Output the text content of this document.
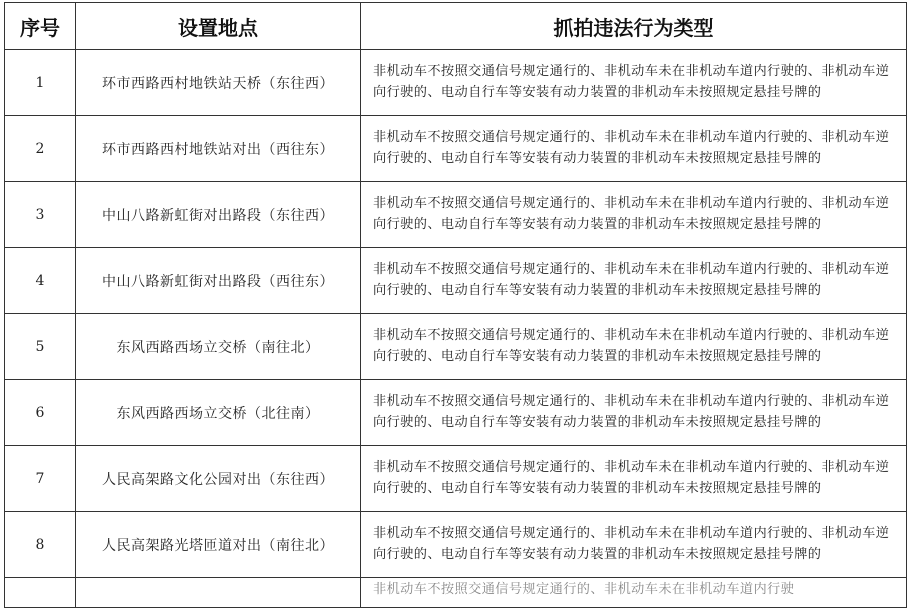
序号	设置地点	抓拍违法行为类型
1	环市西路西村地铁站天桥（东往西）	非机动车不按照交通信号规定通行的、非机动车未在非机动车道内行驶的、非机动车逆向行驶的、电动自行车等安装有动力装置的非机动车未按照规定悬挂号牌的
2	环市西路西村地铁站对出（西往东）	非机动车不按照交通信号规定通行的、非机动车未在非机动车道内行驶的、非机动车逆向行驶的、电动自行车等安装有动力装置的非机动车未按照规定悬挂号牌的
3	中山八路新虹街对出路段（东往西）	非机动车不按照交通信号规定通行的、非机动车未在非机动车道内行驶的、非机动车逆向行驶的、电动自行车等安装有动力装置的非机动车未按照规定悬挂号牌的
4	中山八路新虹街对出路段（西往东）	非机动车不按照交通信号规定通行的、非机动车未在非机动车道内行驶的、非机动车逆向行驶的、电动自行车等安装有动力装置的非机动车未按照规定悬挂号牌的
5	东风西路西场立交桥（南往北）	非机动车不按照交通信号规定通行的、非机动车未在非机动车道内行驶的、非机动车逆向行驶的、电动自行车等安装有动力装置的非机动车未按照规定悬挂号牌的
6	东风西路西场立交桥（北往南）	非机动车不按照交通信号规定通行的、非机动车未在非机动车道内行驶的、非机动车逆向行驶的、电动自行车等安装有动力装置的非机动车未按照规定悬挂号牌的
7	人民高架路文化公园对出（东往西）	非机动车不按照交通信号规定通行的、非机动车未在非机动车道内行驶的、非机动车逆向行驶的、电动自行车等安装有动力装置的非机动车未按照规定悬挂号牌的
8	人民高架路光塔匝道对出（南往北）	非机动车不按照交通信号规定通行的、非机动车未在非机动车道内行驶的、非机动车逆向行驶的、电动自行车等安装有动力装置的非机动车未按照规定悬挂号牌的
		非机动车不按照交通信号规定通行的、非机动车未在非机动车道内行驶
